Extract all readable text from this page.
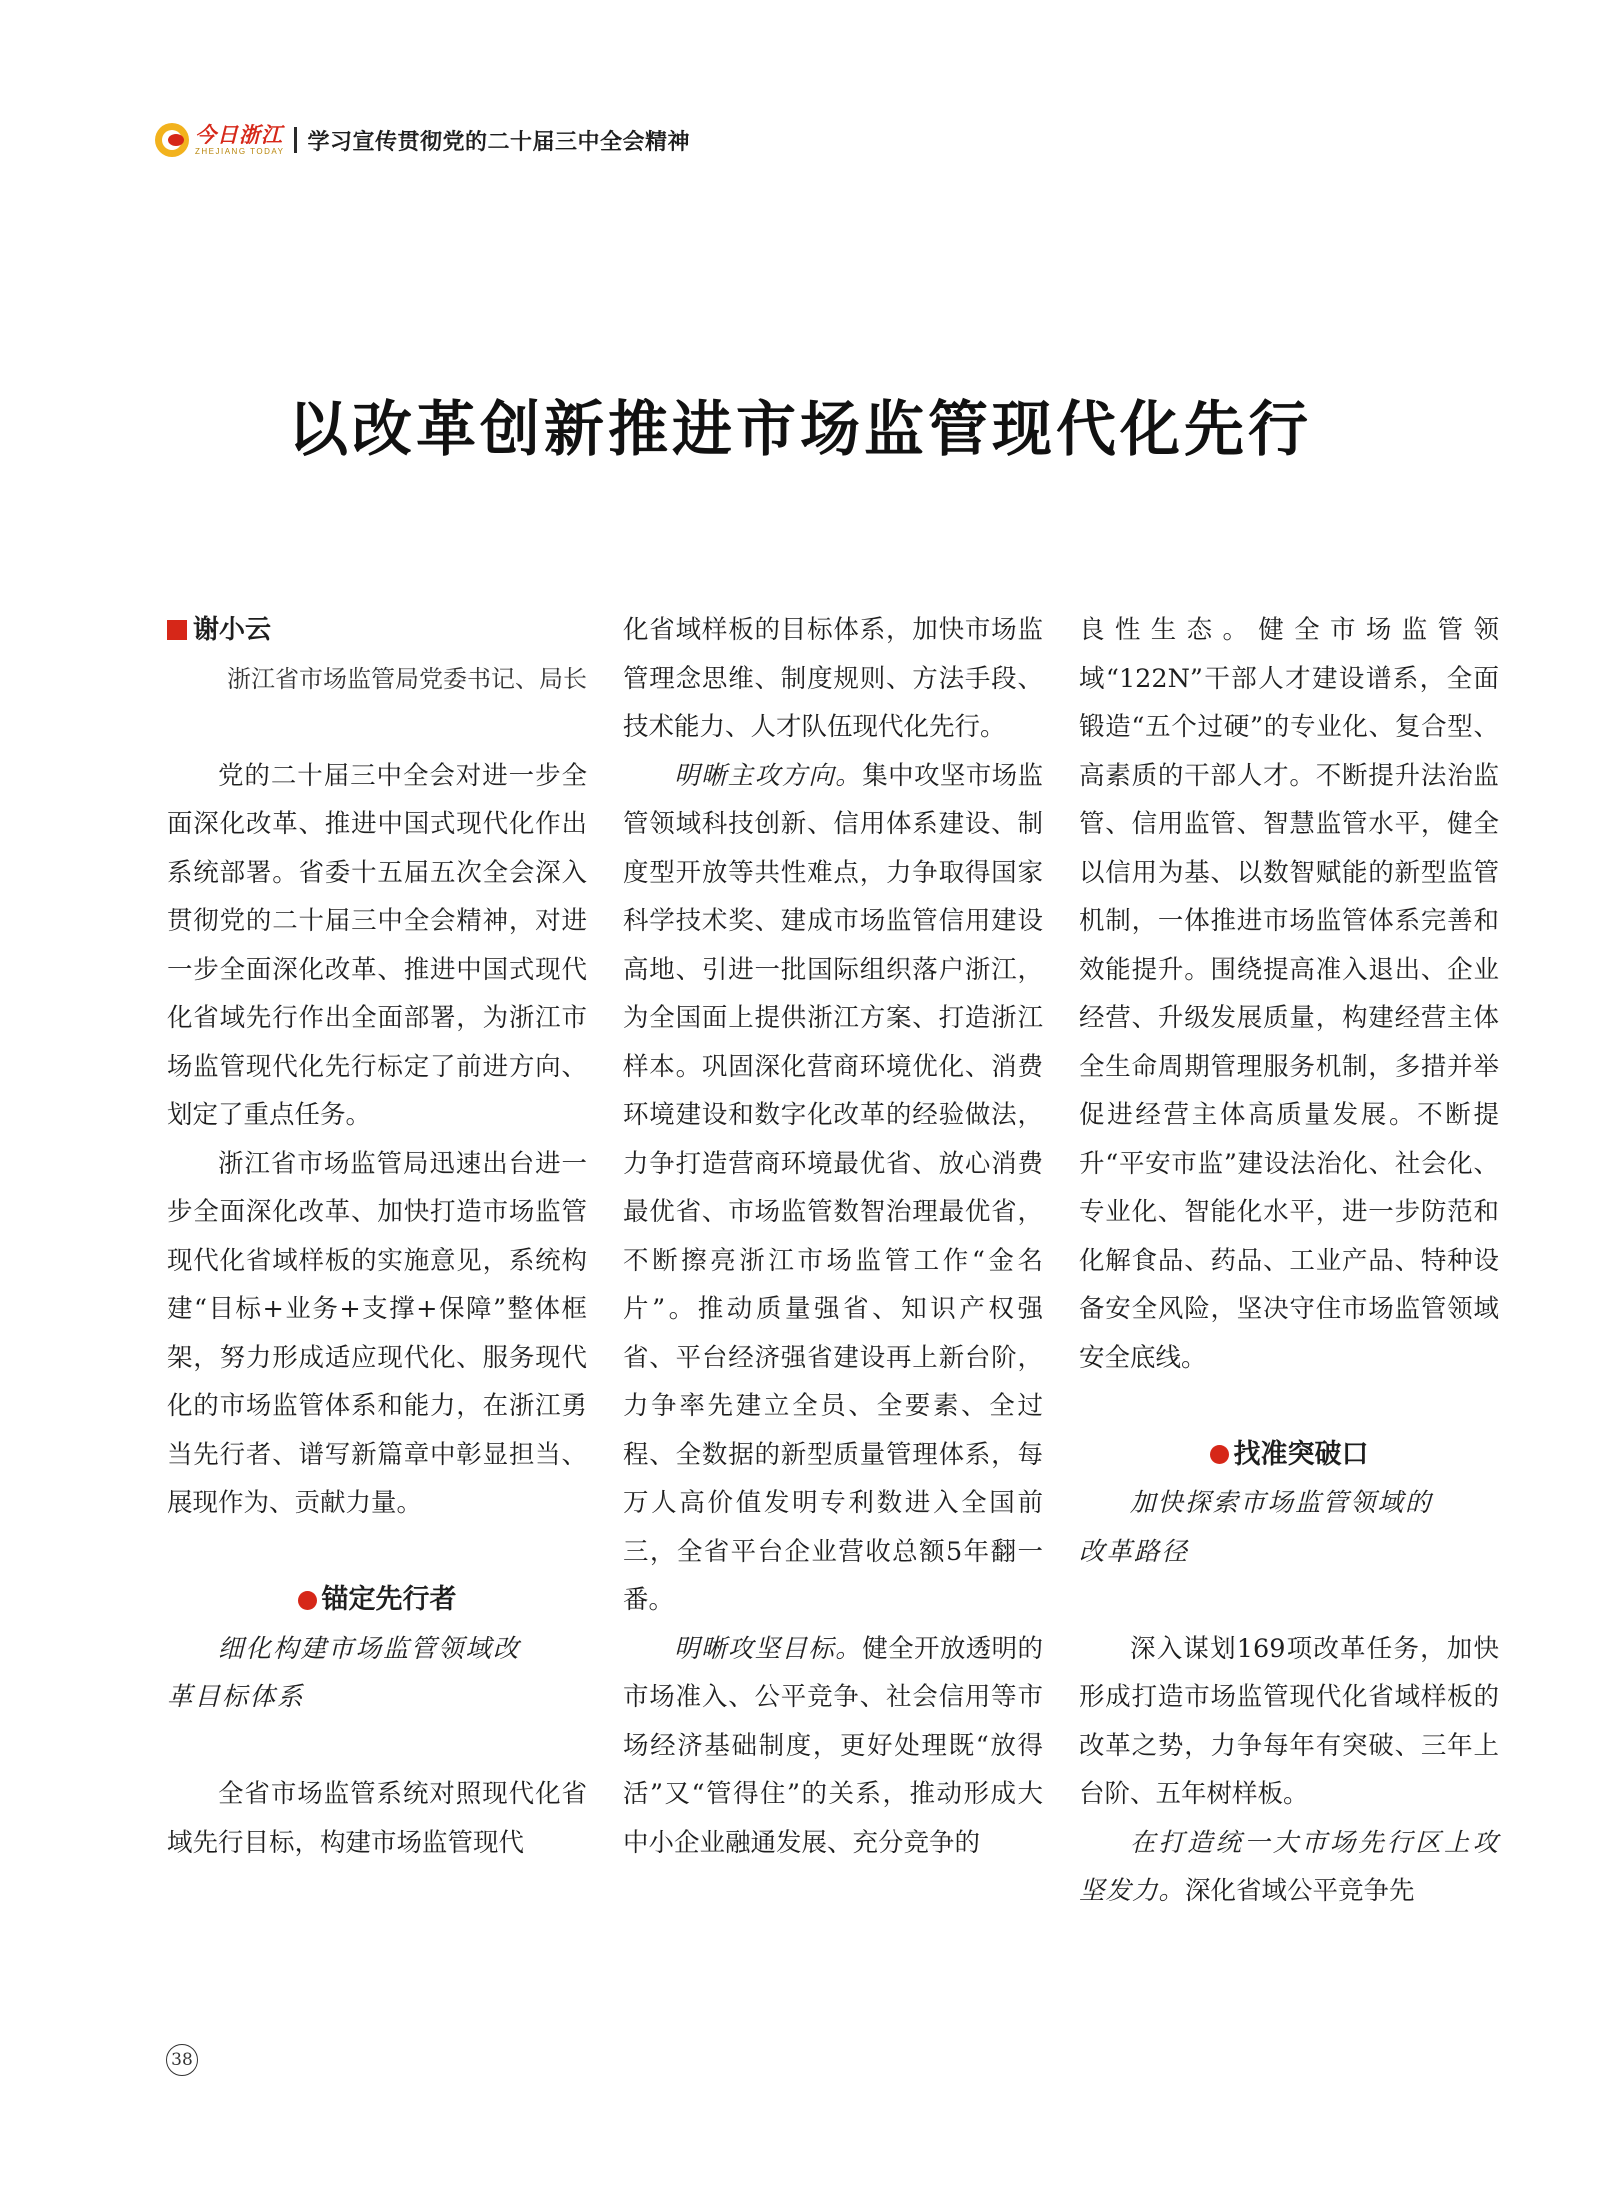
今日浙江
ZHEJIANG TODAY 学习宣传贯彻党的二十届三中全会精神
以改革创新推进市场监管现代化先行
谢小云
浙江省市场监管局党委书记、局长

党的二十届三中全会对进一步全面深化改革、推进中国式现代化作出系统部署。省委十五届五次全会深入贯彻党的二十届三中全会精神，对进一步全面深化改革、推进中国式现代化省域先行作出全面部署，为浙江市场监管现代化先行标定了前进方向、划定了重点任务。

浙江省市场监管局迅速出台进一步全面深化改革、加快打造市场监管现代化省域样板的实施意见，系统构建“目标+业务+支撑+保障”整体框架，努力形成适应现代化、服务现代化的市场监管体系和能力，在浙江勇当先行者、谱写新篇章中彰显担当、展现作为、贡献力量。

锚定先行者
细化构建市场监管领域改
革目标体系

全省市场监管系统对照现代化省域先行目标，构建市场监管现代

化省域样板的目标体系，加快市场监管理念思维、制度规则、方法手段、技术能力、人才队伍现代化先行。

明晰主攻方向。集中攻坚市场监管领域科技创新、信用体系建设、制度型开放等共性难点，力争取得国家科学技术奖、建成市场监管信用建设高地、引进一批国际组织落户浙江，为全国面上提供浙江方案、打造浙江样本。巩固深化营商环境优化、消费环境建设和数字化改革的经验做法，力争打造营商环境最优省、放心消费最优省、市场监管数智治理最优省，不断擦亮浙江市场监管工作“金名片”。推动质量强省、知识产权强省、平台经济强省建设再上新台阶，力争率先建立全员、全要素、全过程、全数据的新型质量管理体系，每万人高价值发明专利数进入全国前三，全省平台企业营收总额5年翻一番。

明晰攻坚目标。健全开放透明的市场准入、公平竞争、社会信用等市场经济基础制度，更好处理既“放得活”又“管得住”的关系，推动形成大中小企业融通发展、充分竞争的

良性生态。健全市场监管领域“122N”干部人才建设谱系，全面锻造“五个过硬”的专业化、复合型、高素质的干部人才。不断提升法治监管、信用监管、智慧监管水平，健全以信用为基、以数智赋能的新型监管机制，一体推进市场监管体系完善和效能提升。围绕提高准入退出、企业经营、升级发展质量，构建经营主体全生命周期管理服务机制，多措并举促进经营主体高质量发展。不断提升“平安市监”建设法治化、社会化、专业化、智能化水平，进一步防范和化解食品、药品、工业产品、特种设备安全风险，坚决守住市场监管领域安全底线。

找准突破口
加快探索市场监管领域的
改革路径

深入谋划169项改革任务，加快形成打造市场监管现代化省域样板的改革之势，力争每年有突破、三年上台阶、五年树样板。

在打造统一大市场先行区上攻坚发力。深化省域公平竞争先

38
